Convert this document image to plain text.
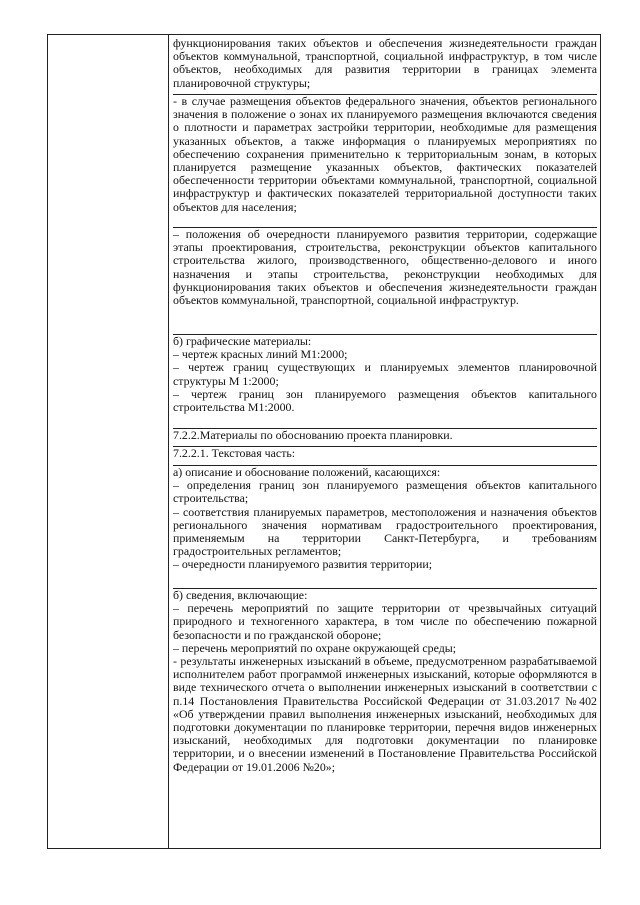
функционирования таких объектов и обеспечения жизнедеятельности граждан объектов коммунальной, транспортной, социальной инфраструктур, в том числе объектов, необходимых для развития территории в границах элемента планировочной структуры;

- в случае размещения объектов федерального значения, объектов регионального значения в положение о зонах их планируемого размещения включаются сведения о плотности и параметрах застройки территории, необходимые для размещения указанных объектов, а также информация о планируемых мероприятиях по обеспечению сохранения применительно к территориальным зонам, в которых планируется размещение указанных объектов, фактических показателей обеспеченности территории объектами коммунальной, транспортной, социальной инфраструктур и фактических показателей территориальной доступности таких объектов для населения;

– положения об очередности планируемого развития территории, содержащие этапы проектирования, строительства, реконструкции объектов капитального строительства жилого, производственного, общественно-делового и иного назначения и этапы строительства, реконструкции необходимых для функционирования таких объектов и обеспечения жизнедеятельности граждан объектов коммунальной, транспортной, социальной инфраструктур.

б) графические материалы:

– чертеж красных линий М1:2000;

– чертеж границ существующих и планируемых элементов планировочной структуры М 1:2000;

– чертеж границ зон планируемого размещения объектов капитального строительства М1:2000.

7.2.2.Материалы по обоснованию проекта планировки.

7.2.2.1. Текстовая часть:

а) описание и обоснование положений, касающихся:

– определения границ зон планируемого размещения объектов капитального строительства;

– соответствия планируемых параметров, местоположения и назначения объектов регионального значения нормативам градостроительного проектирования, применяемым на территории Санкт-Петербурга, и требованиям градостроительных регламентов;

– очередности планируемого развития территории;

б) сведения, включающие:

– перечень мероприятий по защите территории от чрезвычайных ситуаций природного и техногенного характера, в том числе по обеспечению пожарной безопасности и по гражданской обороне;

– перечень мероприятий по охране окружающей среды;

- результаты инженерных изысканий в объеме, предусмотренном разрабатываемой исполнителем работ программой инженерных изысканий, которые оформляются в виде технического отчета о выполнении инженерных изысканий в соответствии с п.14 Постановления Правительства Российской Федерации от 31.03.2017 №402 «Об утверждении правил выполнения инженерных изысканий, необходимых для подготовки документации по планировке территории, перечня видов инженерных изысканий, необходимых для подготовки документации по планировке территории, и о внесении изменений в Постановление Правительства Российской Федерации от 19.01.2006 №20»;
